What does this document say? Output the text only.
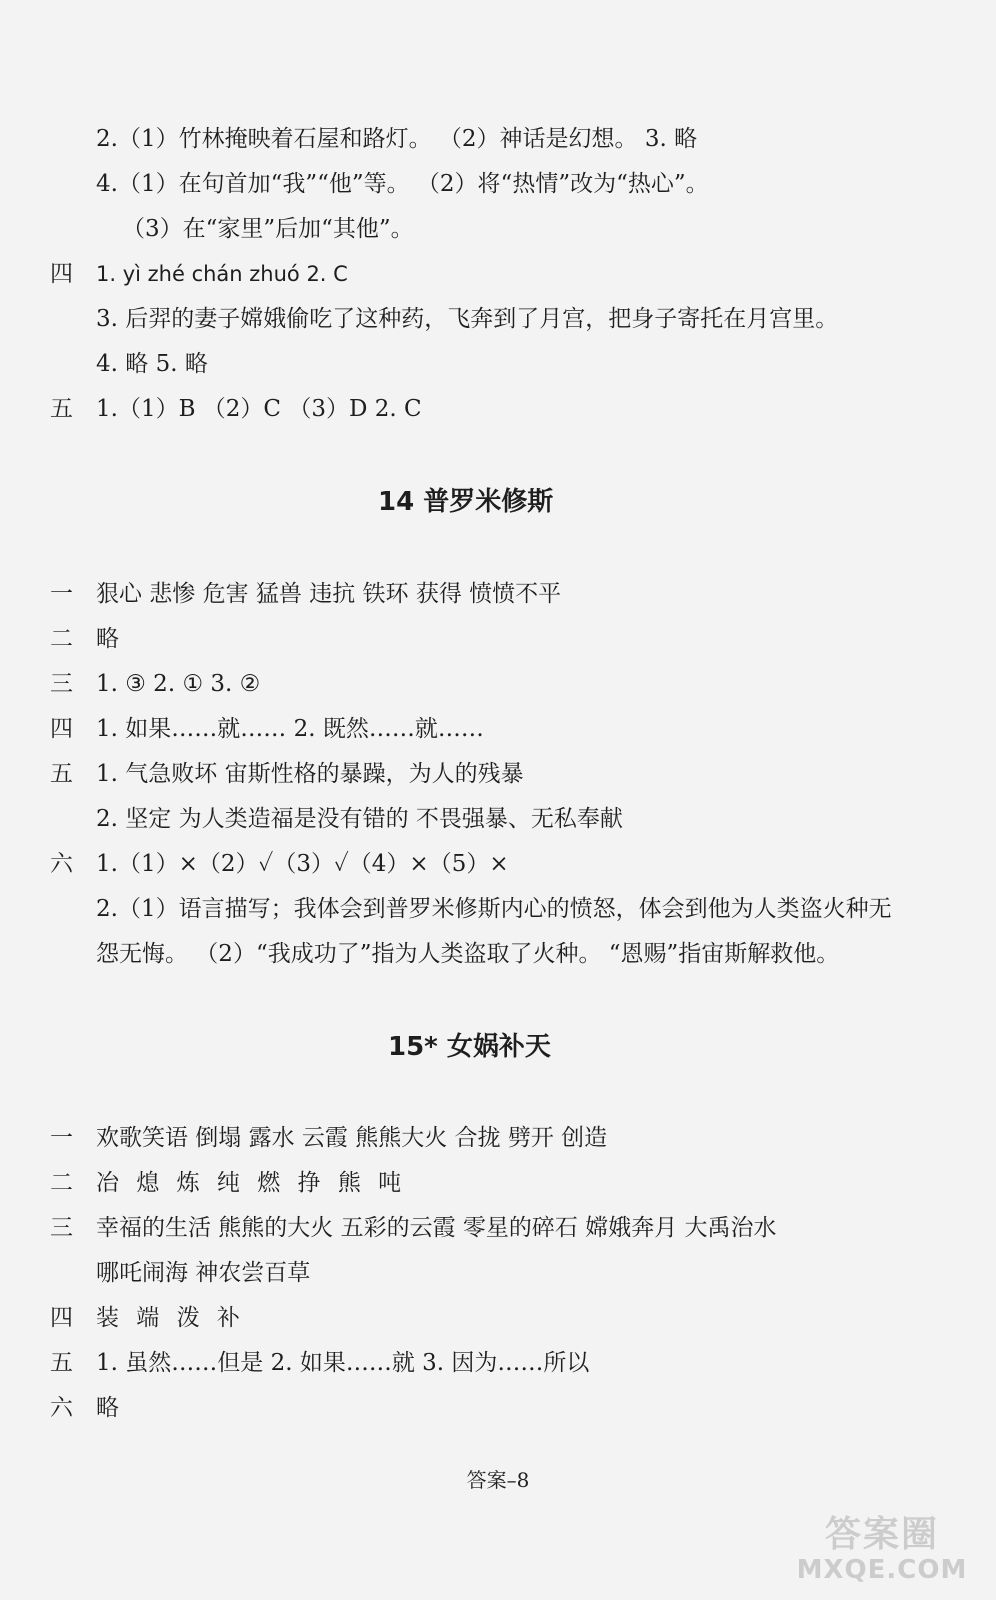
2.（1）竹林掩映着石屋和路灯。 （2）神话是幻想。 3. 略
4.（1）在句首加“我”“他”等。 （2）将“热情”改为“热心”。
（3）在“家里”后加“其他”。
四 1. yì zhé chán zhuó 2. C
3. 后羿的妻子嫦娥偷吃了这种药，飞奔到了月宫，把身子寄托在月宫里。
4. 略 5. 略
五 1.（1）B （2）C （3）D 2. C
14 普罗米修斯
一 狠心 悲惨 危害 猛兽 违抗 铁环 获得 愤愤不平
二 略
三 1. ③ 2. ① 3. ②
四 1. 如果……就…… 2. 既然……就……
五 1. 气急败坏 宙斯性格的暴躁，为人的残暴
2. 坚定 为人类造福是没有错的 不畏强暴、无私奉献
六 1.（1）×（2）✓（3）✓（4）×（5）×
2.（1）语言描写；我体会到普罗米修斯内心的愤怒，体会到他为人类盗火种无
怨无悔。 （2）“我成功了”指为人类盗取了火种。 “恩赐”指宙斯解救他。
15* 女娲补天
一 欢歌笑语 倒塌 露水 云霞 熊熊大火 合拢 劈开 创造
二 冶 熄 炼 纯 燃 挣 熊 吨
三 幸福的生活 熊熊的大火 五彩的云霞 零星的碎石 嫦娥奔月 大禹治水
哪吒闹海 神农尝百草
四 装 端 泼 补
五 1. 虽然……但是 2. 如果……就 3. 因为……所以
六 略
答案–8
答案圈
MXQE.COM
